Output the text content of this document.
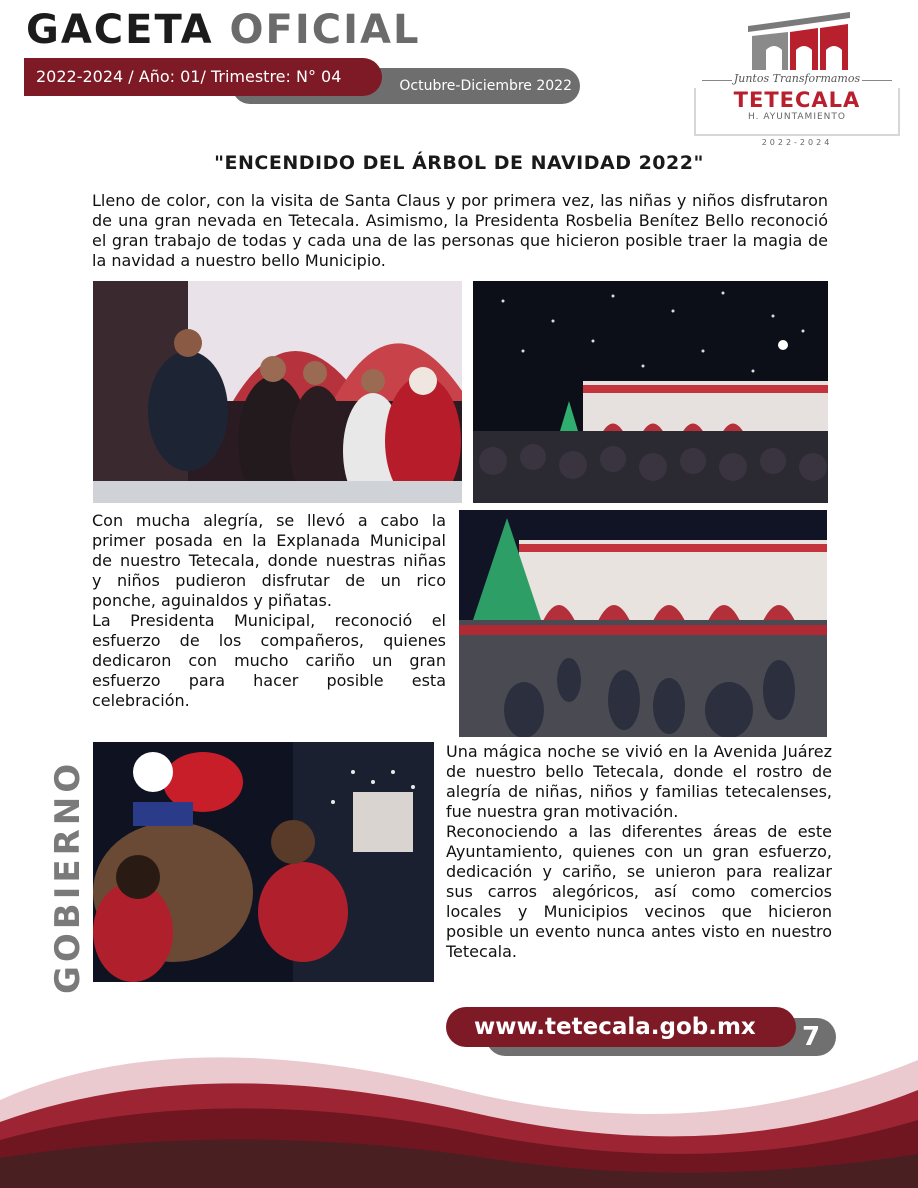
GACETA OFICIAL
Octubre-Diciembre 2022
2022-2024 / Año: 01/ Trimestre: N° 04	Juntos Transformamos
TETECALA
H. AYUNTAMIENTO
2022-2024
"ENCENDIDO DEL ÁRBOL DE NAVIDAD 2022"
Lleno de color, con la visita de Santa Claus y por primera vez, las niñas y niños disfrutaron de una gran nevada en Tetecala. Asimismo, la Presidenta Rosbelia Benítez Bello reconoció el gran trabajo de todas y cada una de las personas que hicieron posible traer la magia de la navidad a nuestro bello Municipio.

Con mucha alegría, se llevó a cabo la primer posada en la Explanada Municipal de nuestro Tetecala, donde nuestras niñas y niños pudieron disfrutar de un rico ponche, aguinaldos y piñatas.

La Presidenta Municipal, reconoció el esfuerzo de los compañeros, quienes dedicaron con mucho cariño un gran esfuerzo para hacer posible esta celebración.

Una mágica noche se vivió en la Avenida Juárez de nuestro bello Tetecala, donde el rostro de alegría de niñas, niños y familias tetecalenses, fue nuestra gran motivación.

Reconociendo a las diferentes áreas de este Ayuntamiento, quienes con un gran esfuerzo, dedicación y cariño, se unieron para realizar sus carros alegóricos, así como comercios locales y Municipios vecinos que hicieron posible un evento nunca antes visto en nuestro Tetecala.

GOBIERNO
www.tetecala.gob.mx	7
